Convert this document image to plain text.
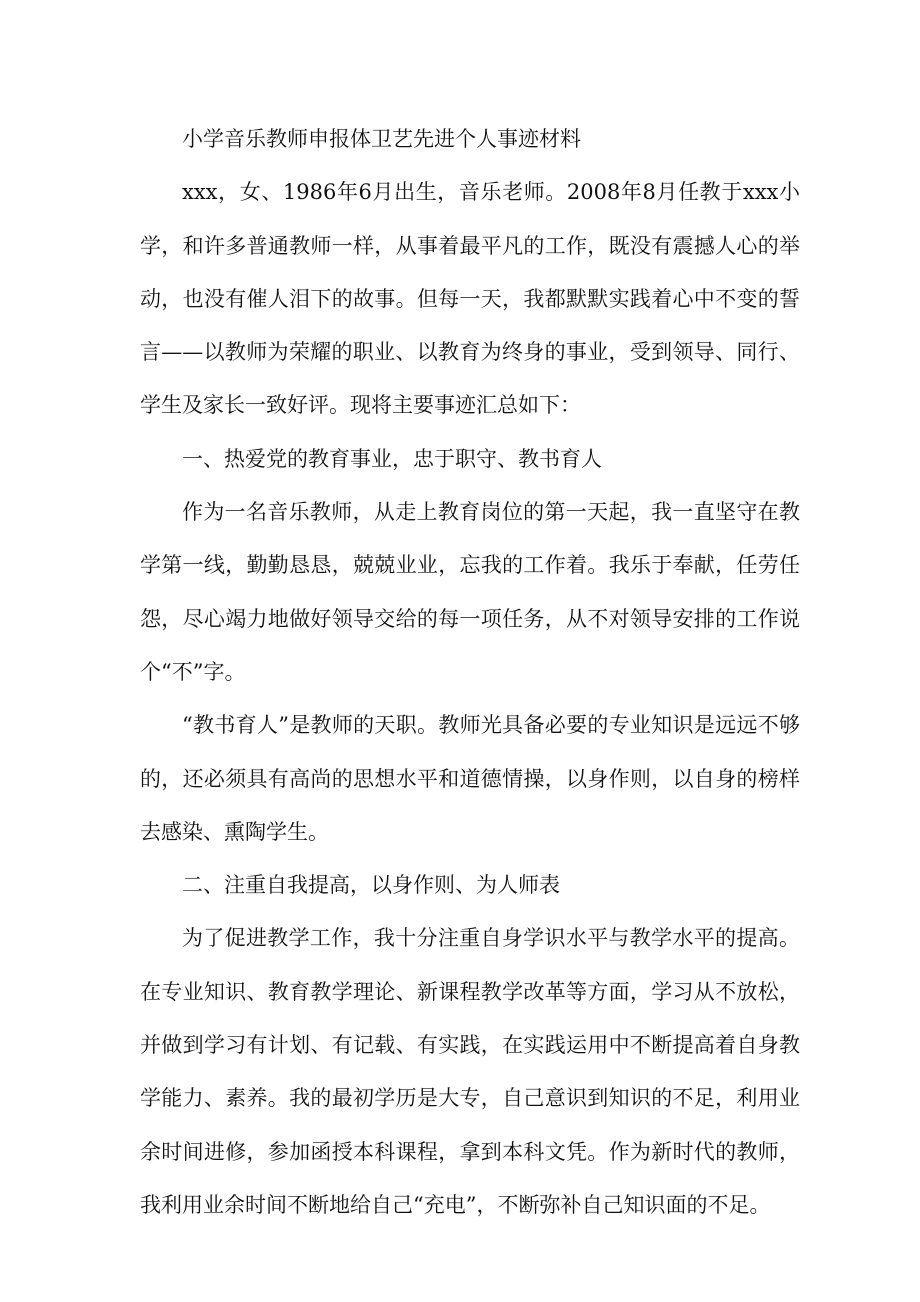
小学音乐教师申报体卫艺先进个人事迹材料

xxx，女、1986年6月出生，音乐老师。2008年8月任教于xxx小学，和许多普通教师一样，从事着最平凡的工作，既没有震撼人心的举动，也没有催人泪下的故事。但每一天，我都默默实践着心中不变的誓言——以教师为荣耀的职业、以教育为终身的事业，受到领导、同行、学生及家长一致好评。现将主要事迹汇总如下：

一、热爱党的教育事业，忠于职守、教书育人

作为一名音乐教师，从走上教育岗位的第一天起，我一直坚守在教学第一线，勤勤恳恳，兢兢业业，忘我的工作着。我乐于奉献，任劳任怨，尽心竭力地做好领导交给的每一项任务，从不对领导安排的工作说个“不”字。

“教书育人”是教师的天职。教师光具备必要的专业知识是远远不够的，还必须具有高尚的思想水平和道德情操，以身作则，以自身的榜样去感染、熏陶学生。

二、注重自我提高，以身作则、为人师表

为了促进教学工作，我十分注重自身学识水平与教学水平的提高。在专业知识、教育教学理论、新课程教学改革等方面，学习从不放松，并做到学习有计划、有记载、有实践，在实践运用中不断提高着自身教学能力、素养。我的最初学历是大专，自己意识到知识的不足，利用业余时间进修，参加函授本科课程，拿到本科文凭。作为新时代的教师，我利用业余时间不断地给自己“充电”，不断弥补自己知识面的不足。
